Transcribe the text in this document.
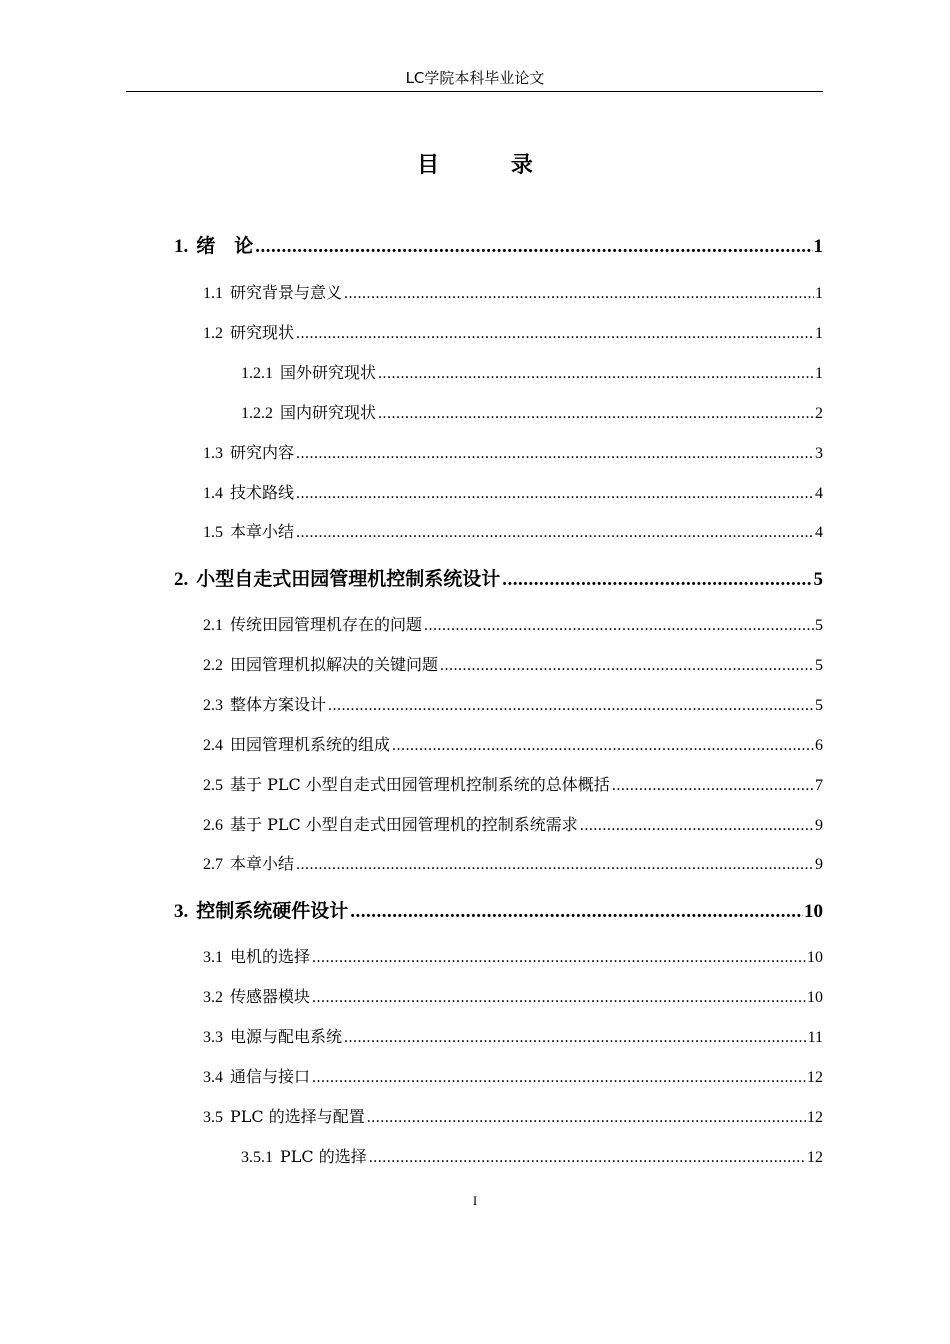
LC学院本科毕业论文
目 录
1. 绪　论 .....	1
1.1 研究背景与意义 .....	1
1.2 研究现状 .....	1
1.2.1 国外研究现状 .....	1
1.2.2 国内研究现状 .....	2
1.3 研究内容 .....	3
1.4 技术路线 .....	4
1.5 本章小结 .....	4
2. 小型自走式田园管理机控制系统设计 .....	5
2.1 传统田园管理机存在的问题 .....	5
2.2 田园管理机拟解决的关键问题 .....	5
2.3 整体方案设计 .....	5
2.4 田园管理机系统的组成 .....	6
2.5 基于 PLC 小型自走式田园管理机控制系统的总体概括 .....	7
2.6 基于 PLC 小型自走式田园管理机的控制系统需求 .....	9
2.7 本章小结 .....	9
3. 控制系统硬件设计 .....	10
3.1 电机的选择 .....	10
3.2 传感器模块 .....	10
3.3 电源与配电系统 .....	11
3.4 通信与接口 .....	12
3.5 PLC 的选择与配置 .....	12
3.5.1 PLC 的选择 .....	12
I
